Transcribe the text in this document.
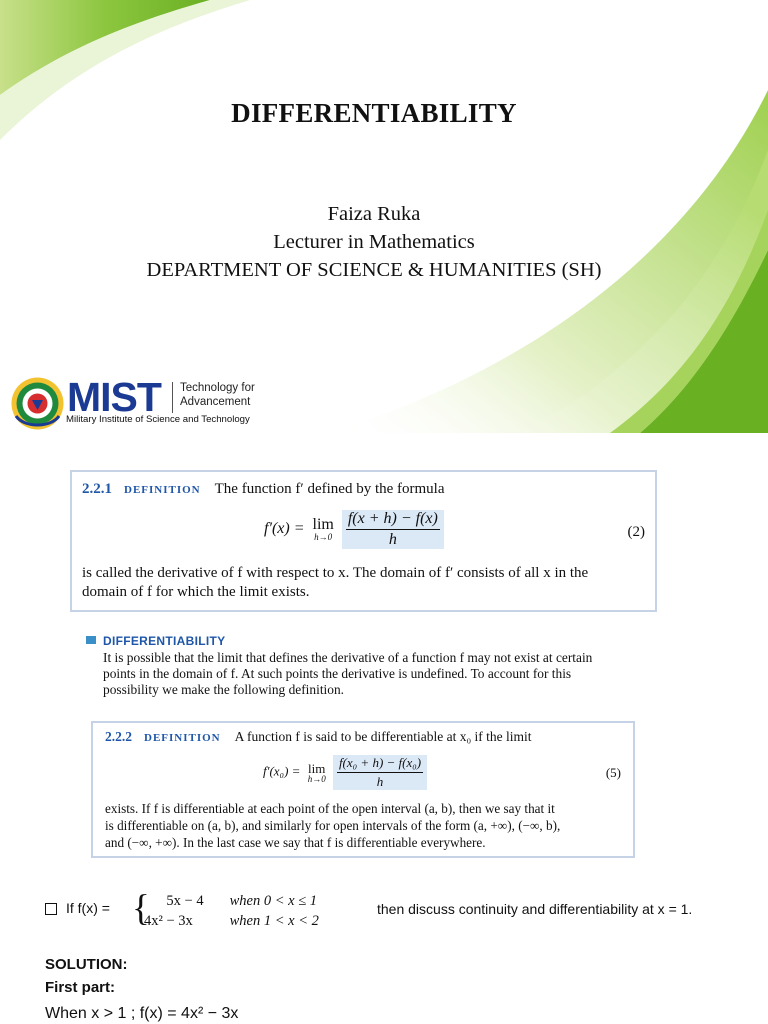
DIFFERENTIABILITY
Faiza Ruka
Lecturer in Mathematics
DEPARTMENT OF SCIENCE & HUMANITIES (SH)
MIST Technology for
Advancement
Military Institute of Science and Technology
2.2.1 DEFINITION The function f′ defined by the formula
f′(x) = lim
h→0
$\frac{f(x + h) - f(x)}{h}$	(2)
is called the derivative of f with respect to x. The domain of f′ consists of all x in the
domain of f for which the limit exists.
DIFFERENTIABILITY
It is possible that the limit that defines the derivative of a function f may not exist at certain
points in the domain of f. At such points the derivative is undefined. To account for this
possibility we make the following definition.
2.2.2 DEFINITION A function f is said to be differentiable at x₀ if the limit
f′(x₀) = lim
h→0
$\frac{\text{f(x₀ + h) − f(x₀)}}{h}$	(5)
exists. If f is differentiable at each point of the open interval (a, b), then we say that it
is differentiable on (a, b), and similarly for open intervals of the form (a, +∞), (−∞, b),
and (−∞, +∞). In the last case we say that f is differentiable everywhere.
If f(x) = {	5x − 4 when 0 < x ≤ 1
4x² − 3x	when 1 < x < 2
then discuss continuity and differentiability at x = 1.
SOLUTION:
First part:
When x > 1 ; f(x) = 4x² − 3x
